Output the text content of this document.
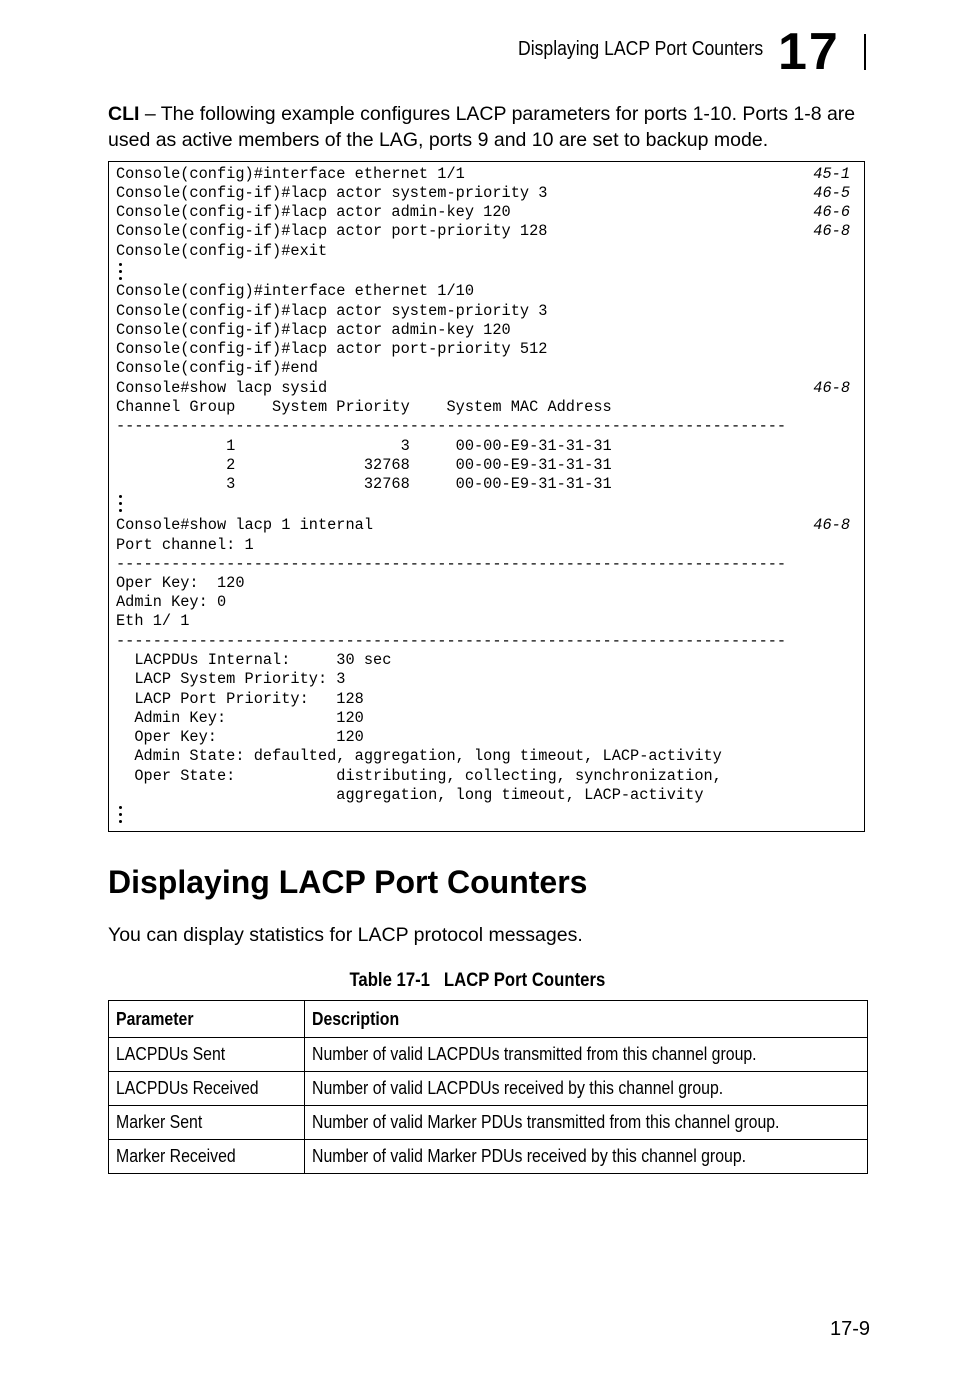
Displaying LACP Port Counters 17
CLI – The following example configures LACP parameters for ports 1-10. Ports 1-8 are used as active members of the LAG, ports 9 and 10 are set to backup mode.
Console(config)#interface ethernet 1/1	45-1
Console(config-if)#lacp actor system-priority 3	46-5
Console(config-if)#lacp actor admin-key 120	46-6
Console(config-if)#lacp actor port-priority 128	46-8
Console(config-if)#exit
Console(config)#interface ethernet 1/10
Console(config-if)#lacp actor system-priority 3
Console(config-if)#lacp actor admin-key 120
Console(config-if)#lacp actor port-priority 512
Console(config-if)#end
Console#show lacp sysid	46-8
Channel Group    System Priority    System MAC Address
-------------------------------------------------------------------------
1                  3     00-00-E9-31-31-31
2              32768     00-00-E9-31-31-31
3              32768     00-00-E9-31-31-31
Console#show lacp 1 internal	46-8
Port channel: 1
-------------------------------------------------------------------------
Oper Key:  120
Admin Key: 0
Eth 1/ 1
-------------------------------------------------------------------------
LACPDUs Internal:     30 sec
LACP System Priority: 3
LACP Port Priority:   128
Admin Key:            120
Oper Key:             120
Admin State: defaulted, aggregation, long timeout, LACP-activity
Oper State:           distributing, collecting, synchronization,
aggregation, long timeout, LACP-activity
Displaying LACP Port Counters
You can display statistics for LACP protocol messages.
Table 17-1   LACP Port Counters
Parameter	Description
LACPDUs Sent	Number of valid LACPDUs transmitted from this channel group.
LACPDUs Received	Number of valid LACPDUs received by this channel group.
Marker Sent	Number of valid Marker PDUs transmitted from this channel group.
Marker Received	Number of valid Marker PDUs received by this channel group.
17-9
